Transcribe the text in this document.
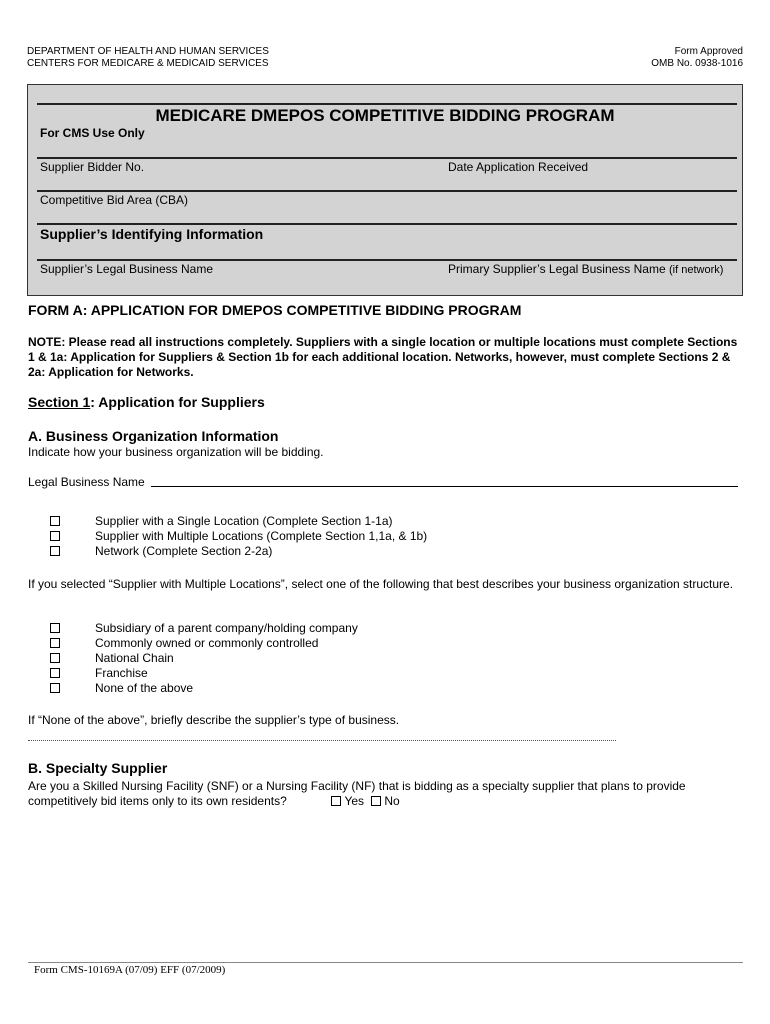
DEPARTMENT OF HEALTH AND HUMAN SERVICES
CENTERS FOR MEDICARE & MEDICAID SERVICES
Form Approved
OMB No. 0938-1016
MEDICARE DMEPOS COMPETITIVE BIDDING PROGRAM
For CMS Use Only
Supplier Bidder No.	Date Application Received
Competitive Bid Area (CBA)
Supplier’s Identifying Information
Supplier’s Legal Business Name	Primary Supplier’s Legal Business Name (if network)
FORM A: APPLICATION FOR DMEPOS COMPETITIVE BIDDING PROGRAM
NOTE: Please read all instructions completely. Suppliers with a single location or multiple locations must complete Sections 1 & 1a: Application for Suppliers & Section 1b for each additional location. Networks, however, must complete Sections 2 & 2a: Application for Networks.
Section 1: Application for Suppliers
A. Business Organization Information
Indicate how your business organization will be bidding.
Legal Business Name
Supplier with a Single Location (Complete Section 1-1a)
Supplier with Multiple Locations (Complete Section 1,1a, & 1b)
Network (Complete Section 2-2a)
If you selected “Supplier with Multiple Locations”, select one of the following that best describes your business organization structure.
Subsidiary of a parent company/holding company
Commonly owned or commonly controlled
National Chain
Franchise
None of the above
If “None of the above”, briefly describe the supplier’s type of business.
B. Specialty Supplier
Are you a Skilled Nursing Facility (SNF) or a Nursing Facility (NF) that is bidding as a specialty supplier that plans to provide competitively bid items only to its own residents?	Yes No
Form CMS-10169A (07/09) EFF (07/2009)
